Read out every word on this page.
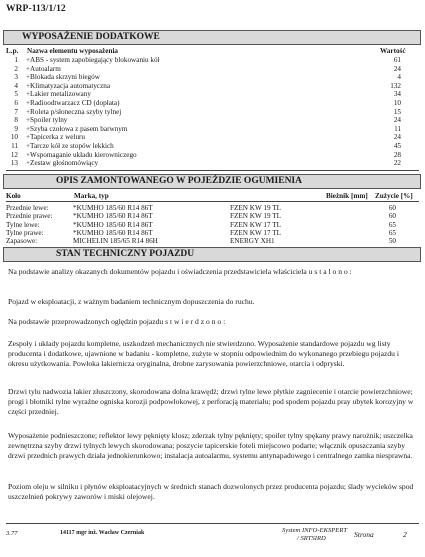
WRP-113/1/12
WYPOSAŻENIE DODATKOWE
L.p. Nazwa elementu wyposażenia	Wartość
1 +ABS - system zapobiegający blokowaniu kół	61
2 +Autoalarm	24
3 +Blokada skrzyni biegów	4
4 +Klimatyzacja automatyczna	132
5 +Lakier metalizowany	34
6 +Radioodtwarzacz CD (dopłata)	10
7 +Roleta p/słoneczna szyby tylnej	15
8 +Spoiler tylny	24
9 +Szyba czołowa z pasem barwnym	11
10 +Tapicerka z weluru	24
11 +Tarcze kół ze stopów lekkich	45
12 +Wspomaganie układu kierowniczego	28
13 +Zestaw głośnomówiący	22
OPIS ZAMONTOWANEGO W POJEŹDZIE OGUMIENIA
Koło	Marka, typ	Bieżnik [mm] Zużycie [%]
Przednie lewe:	*KUMHO 185/60 R14 86T	FZEN KW 19 TL	60
Przednie prawe:	*KUMHO 185/60 R14 86T	FZEN KW 19 TL	60
Tylne lewe:	*KUMHO 185/60 R14 86T	FZEN KW 17 TL	65
Tylne prawe:	*KUMHO 185/60 R14 86T	FZEN KW 17 TL	65
Zapasowe:	MICHELIN 185/65 R14 86H	ENERGY XH1	50
STAN TECHNICZNY POJAZDU
Na podstawie analizy okazanych dokumentów pojazdu i oświadczenia przedstawiciela właściciela u s t a l o n o :
Pojazd w eksploatacji, z ważnym badaniem technicznym dopuszczenia do ruchu.
Na podstawie przeprowadzonych oględzin pojazdu s t w i e r d z o n o :
Zespoły i układy pojazdu kompletne, uszkodzeń mechanicznych nie stwierdzono. Wyposażenie standardowe pojazdu wg listy producenta i dodatkowe, ujawnione w badaniu - kompletne, zużyte w stopniu odpowiednim do wykonanego przebiegu pojazdu i okresu użytkowania. Powłoka lakiernicza oryginalna, drobne zarysowania powierzchniowe, otarcia i odpryski.
Drzwi tylu nadwozia lakier złuszczony, skorodowana dolna krawędź; drzwi tylne lewe płytkie zagniecenie i otarcie powierzchniowe; progi i błotniki tylne wyraźne ogniska korozji podpowłokowej, z perforacją materiału; pod spodem pojazdu pray ubytek korozyjny w części przedniej.
Wyposażenie podnieszczone; reflektor lewy pęknięty klosz; zderzak tylny pęknięty; spoiler tylny spękany prawy narożnik; uszczelka zewnętrzna szyby drzwi tylnych lewych skorodowana; poszycie tapicerskie foteli miejscowo podarte; włącznik opuszczania szyby drzwi przednich prawych działa jednokierunkowo; instalacja autoalarmu, systemu antynapadowego i centralnego zamka niesprawna.
Poziom oleju w silniku i płynów eksploatacyjnych w średnich stanach dozwolonych przez producenta pojazdu; ślady wycieków spod uszczelnień pokrywy zaworów i miski olejowej.
3.77	14117 mgr inż. Wacław Czerniak	System INFO-EKSPERT
/ SRTSIRD	Strona	2
